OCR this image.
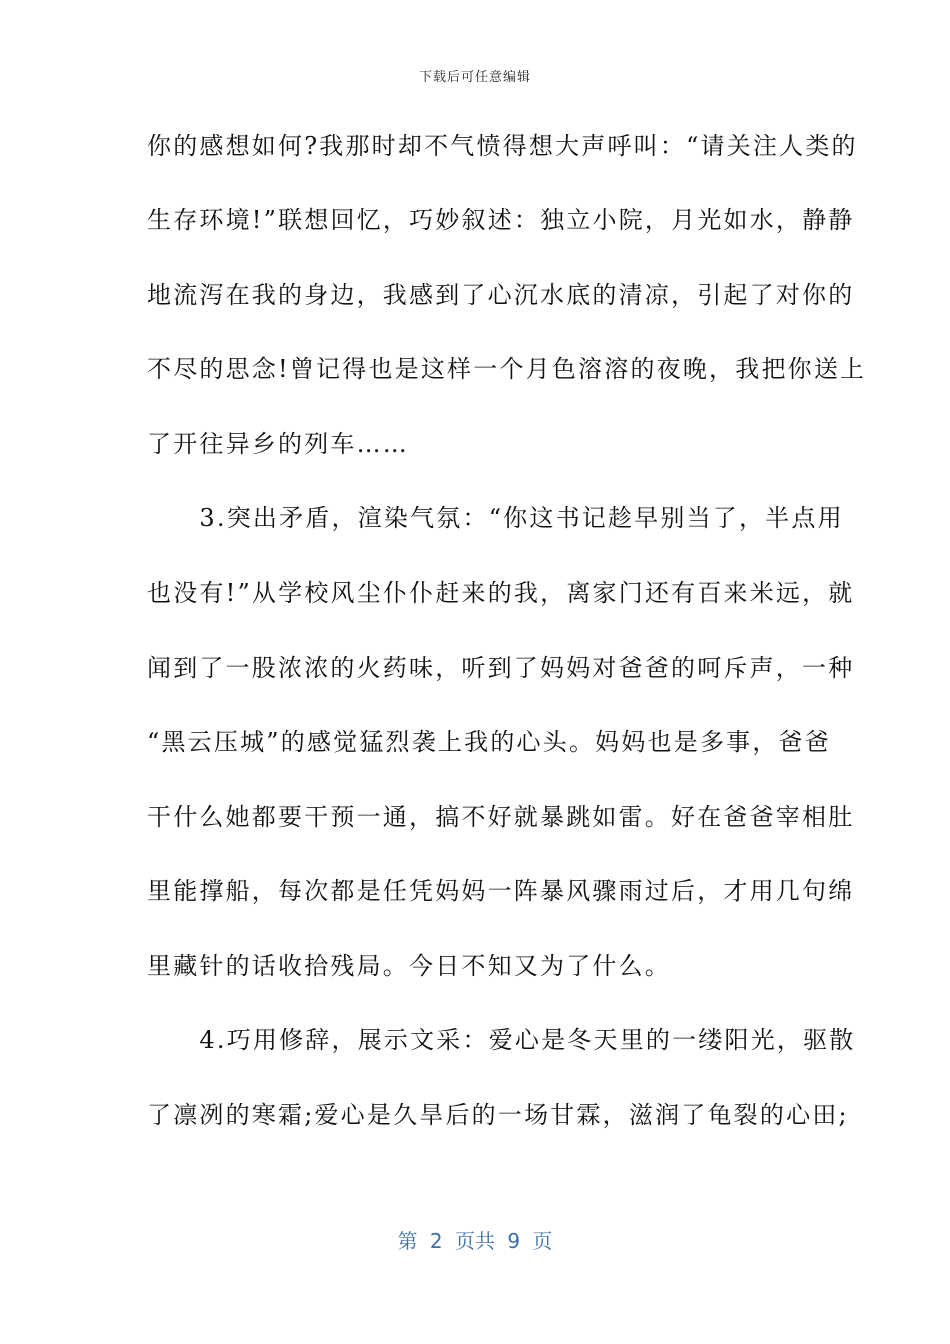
下载后可任意编辑
你的感想如何?我那时却不气愤得想大声呼叫：“请关注人类的
生存环境!”联想回忆，巧妙叙述：独立小院，月光如水，静静
地流泻在我的身边，我感到了心沉水底的清凉，引起了对你的
不尽的思念!曾记得也是这样一个月色溶溶的夜晚，我把你送上
了开往异乡的列车……
　　3.突出矛盾，渲染气氛：“你这书记趁早别当了，半点用
也没有!”从学校风尘仆仆赶来的我，离家门还有百来米远，就
闻到了一股浓浓的火药味，听到了妈妈对爸爸的呵斥声，一种
“黑云压城”的感觉猛烈袭上我的心头。妈妈也是多事，爸爸
干什么她都要干预一通，搞不好就暴跳如雷。好在爸爸宰相肚
里能撑船，每次都是任凭妈妈一阵暴风骤雨过后，才用几句绵
里藏针的话收拾残局。今日不知又为了什么。
　　4.巧用修辞，展示文采：爱心是冬天里的一缕阳光，驱散
了凛冽的寒霜;爱心是久旱后的一场甘霖，滋润了龟裂的心田;
第 2 页共 9 页
